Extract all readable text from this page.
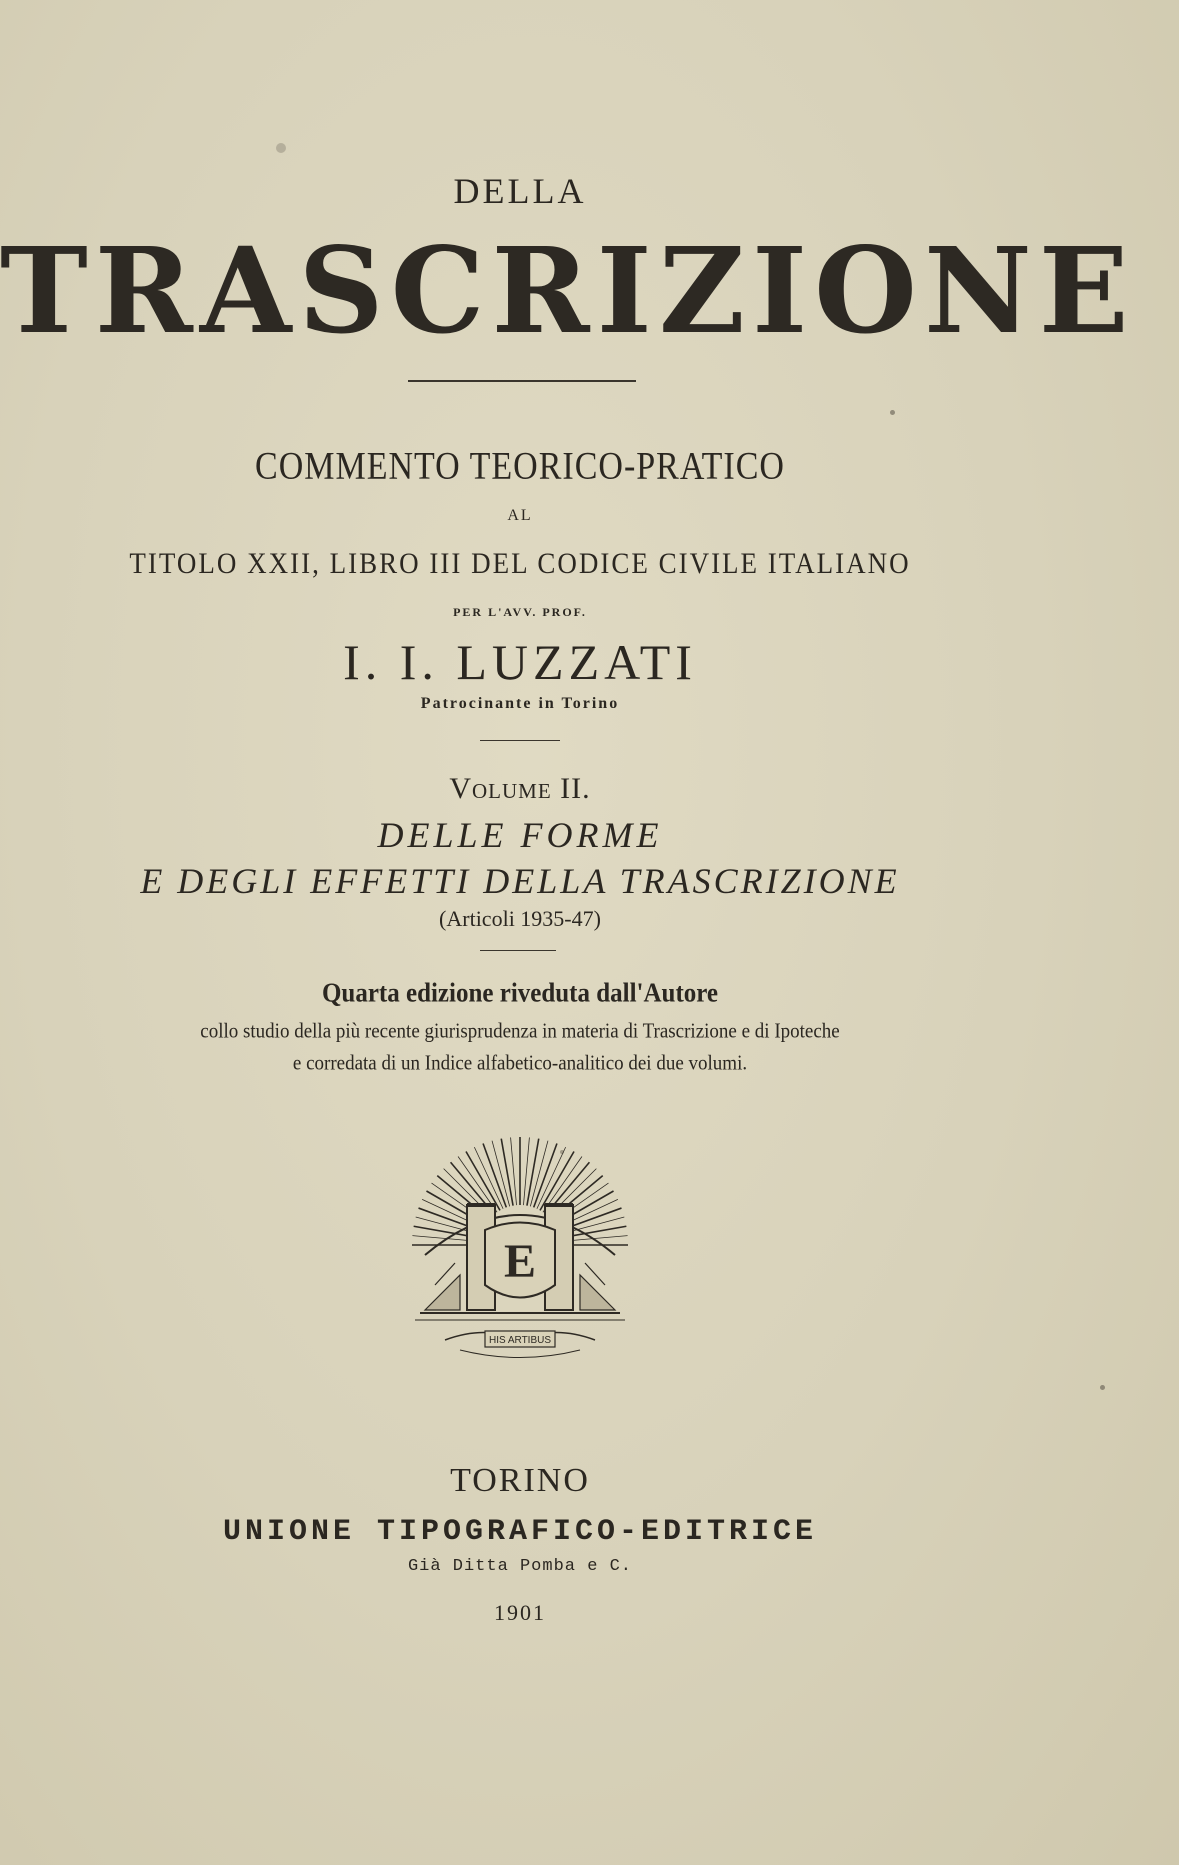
DELLA
TRASCRIZIONE
COMMENTO TEORICO-PRATICO
AL
TITOLO XXII, LIBRO III DEL CODICE CIVILE ITALIANO
PER L'AVV. PROF.
I. I. LUZZATI
Patrocinante in Torino
Volume II.
DELLE FORME
E DEGLI EFFETTI DELLA TRASCRIZIONE
(Articoli 1935-47)
Quarta edizione riveduta dall'Autore
collo studio della più recente giurisprudenza in materia di Trascrizione e di Ipoteche
e corredata di un Indice alfabetico-analitico dei due volumi.
E
HIS ARTIBUS
TORINO
UNIONE TIPOGRAFICO-EDITRICE
Già Ditta Pomba e C.
1901
